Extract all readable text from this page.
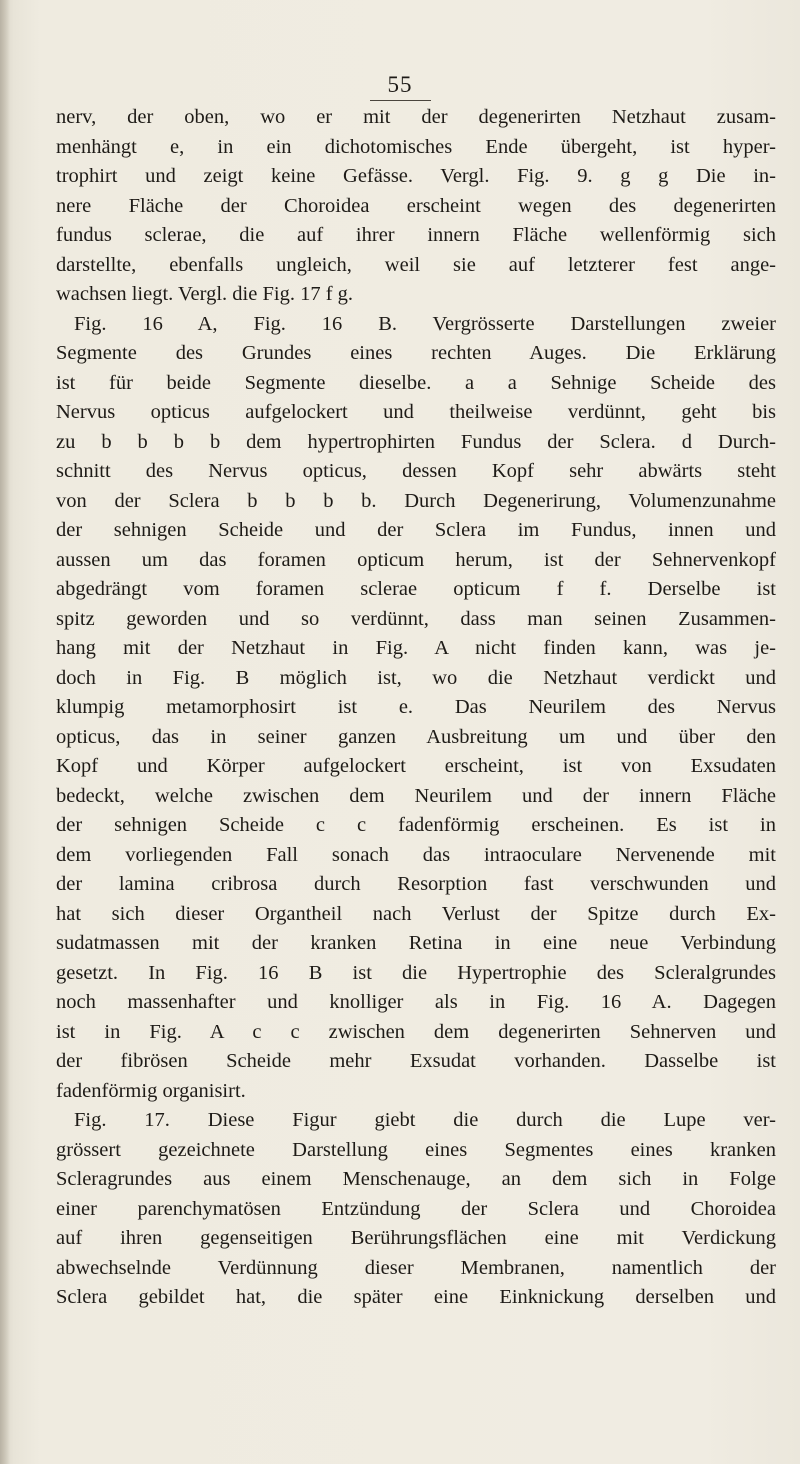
55
nerv, der oben, wo er mit der degenerirten Netzhaut zusam-
menhängt e, in ein dichotomisches Ende übergeht, ist hyper-
trophirt und zeigt keine Gefässe. Vergl. Fig. 9. g g Die in-
nere Fläche der Choroidea erscheint wegen des degenerirten
fundus sclerae, die auf ihrer innern Fläche wellenförmig sich
darstellte, ebenfalls ungleich, weil sie auf letzterer fest ange-
wachsen liegt. Vergl. die Fig. 17 f g.
Fig. 16 A, Fig. 16 B. Vergrösserte Darstellungen zweier
Segmente des Grundes eines rechten Auges. Die Erklärung
ist für beide Segmente dieselbe. a a Sehnige Scheide des
Nervus opticus aufgelockert und theilweise verdünnt, geht bis
zu b b b b dem hypertrophirten Fundus der Sclera. d Durch-
schnitt des Nervus opticus, dessen Kopf sehr abwärts steht
von der Sclera b b b b. Durch Degenerirung, Volumenzunahme
der sehnigen Scheide und der Sclera im Fundus, innen und
aussen um das foramen opticum herum, ist der Sehnervenkopf
abgedrängt vom foramen sclerae opticum f f. Derselbe ist
spitz geworden und so verdünnt, dass man seinen Zusammen-
hang mit der Netzhaut in Fig. A nicht finden kann, was je-
doch in Fig. B möglich ist, wo die Netzhaut verdickt und
klumpig metamorphosirt ist e. Das Neurilem des Nervus
opticus, das in seiner ganzen Ausbreitung um und über den
Kopf und Körper aufgelockert erscheint, ist von Exsudaten
bedeckt, welche zwischen dem Neurilem und der innern Fläche
der sehnigen Scheide c c fadenförmig erscheinen. Es ist in
dem vorliegenden Fall sonach das intraoculare Nervenende mit
der lamina cribrosa durch Resorption fast verschwunden und
hat sich dieser Organtheil nach Verlust der Spitze durch Ex-
sudatmassen mit der kranken Retina in eine neue Verbindung
gesetzt. In Fig. 16 B ist die Hypertrophie des Scleralgrundes
noch massenhafter und knolliger als in Fig. 16 A. Dagegen
ist in Fig. A c c zwischen dem degenerirten Sehnerven und
der fibrösen Scheide mehr Exsudat vorhanden. Dasselbe ist
fadenförmig organisirt.
Fig. 17. Diese Figur giebt die durch die Lupe ver-
grössert gezeichnete Darstellung eines Segmentes eines kranken
Scleragrundes aus einem Menschenauge, an dem sich in Folge
einer parenchymatösen Entzündung der Sclera und Choroidea
auf ihren gegenseitigen Berührungsflächen eine mit Verdickung
abwechselnde Verdünnung dieser Membranen, namentlich der
Sclera gebildet hat, die später eine Einknickung derselben und
